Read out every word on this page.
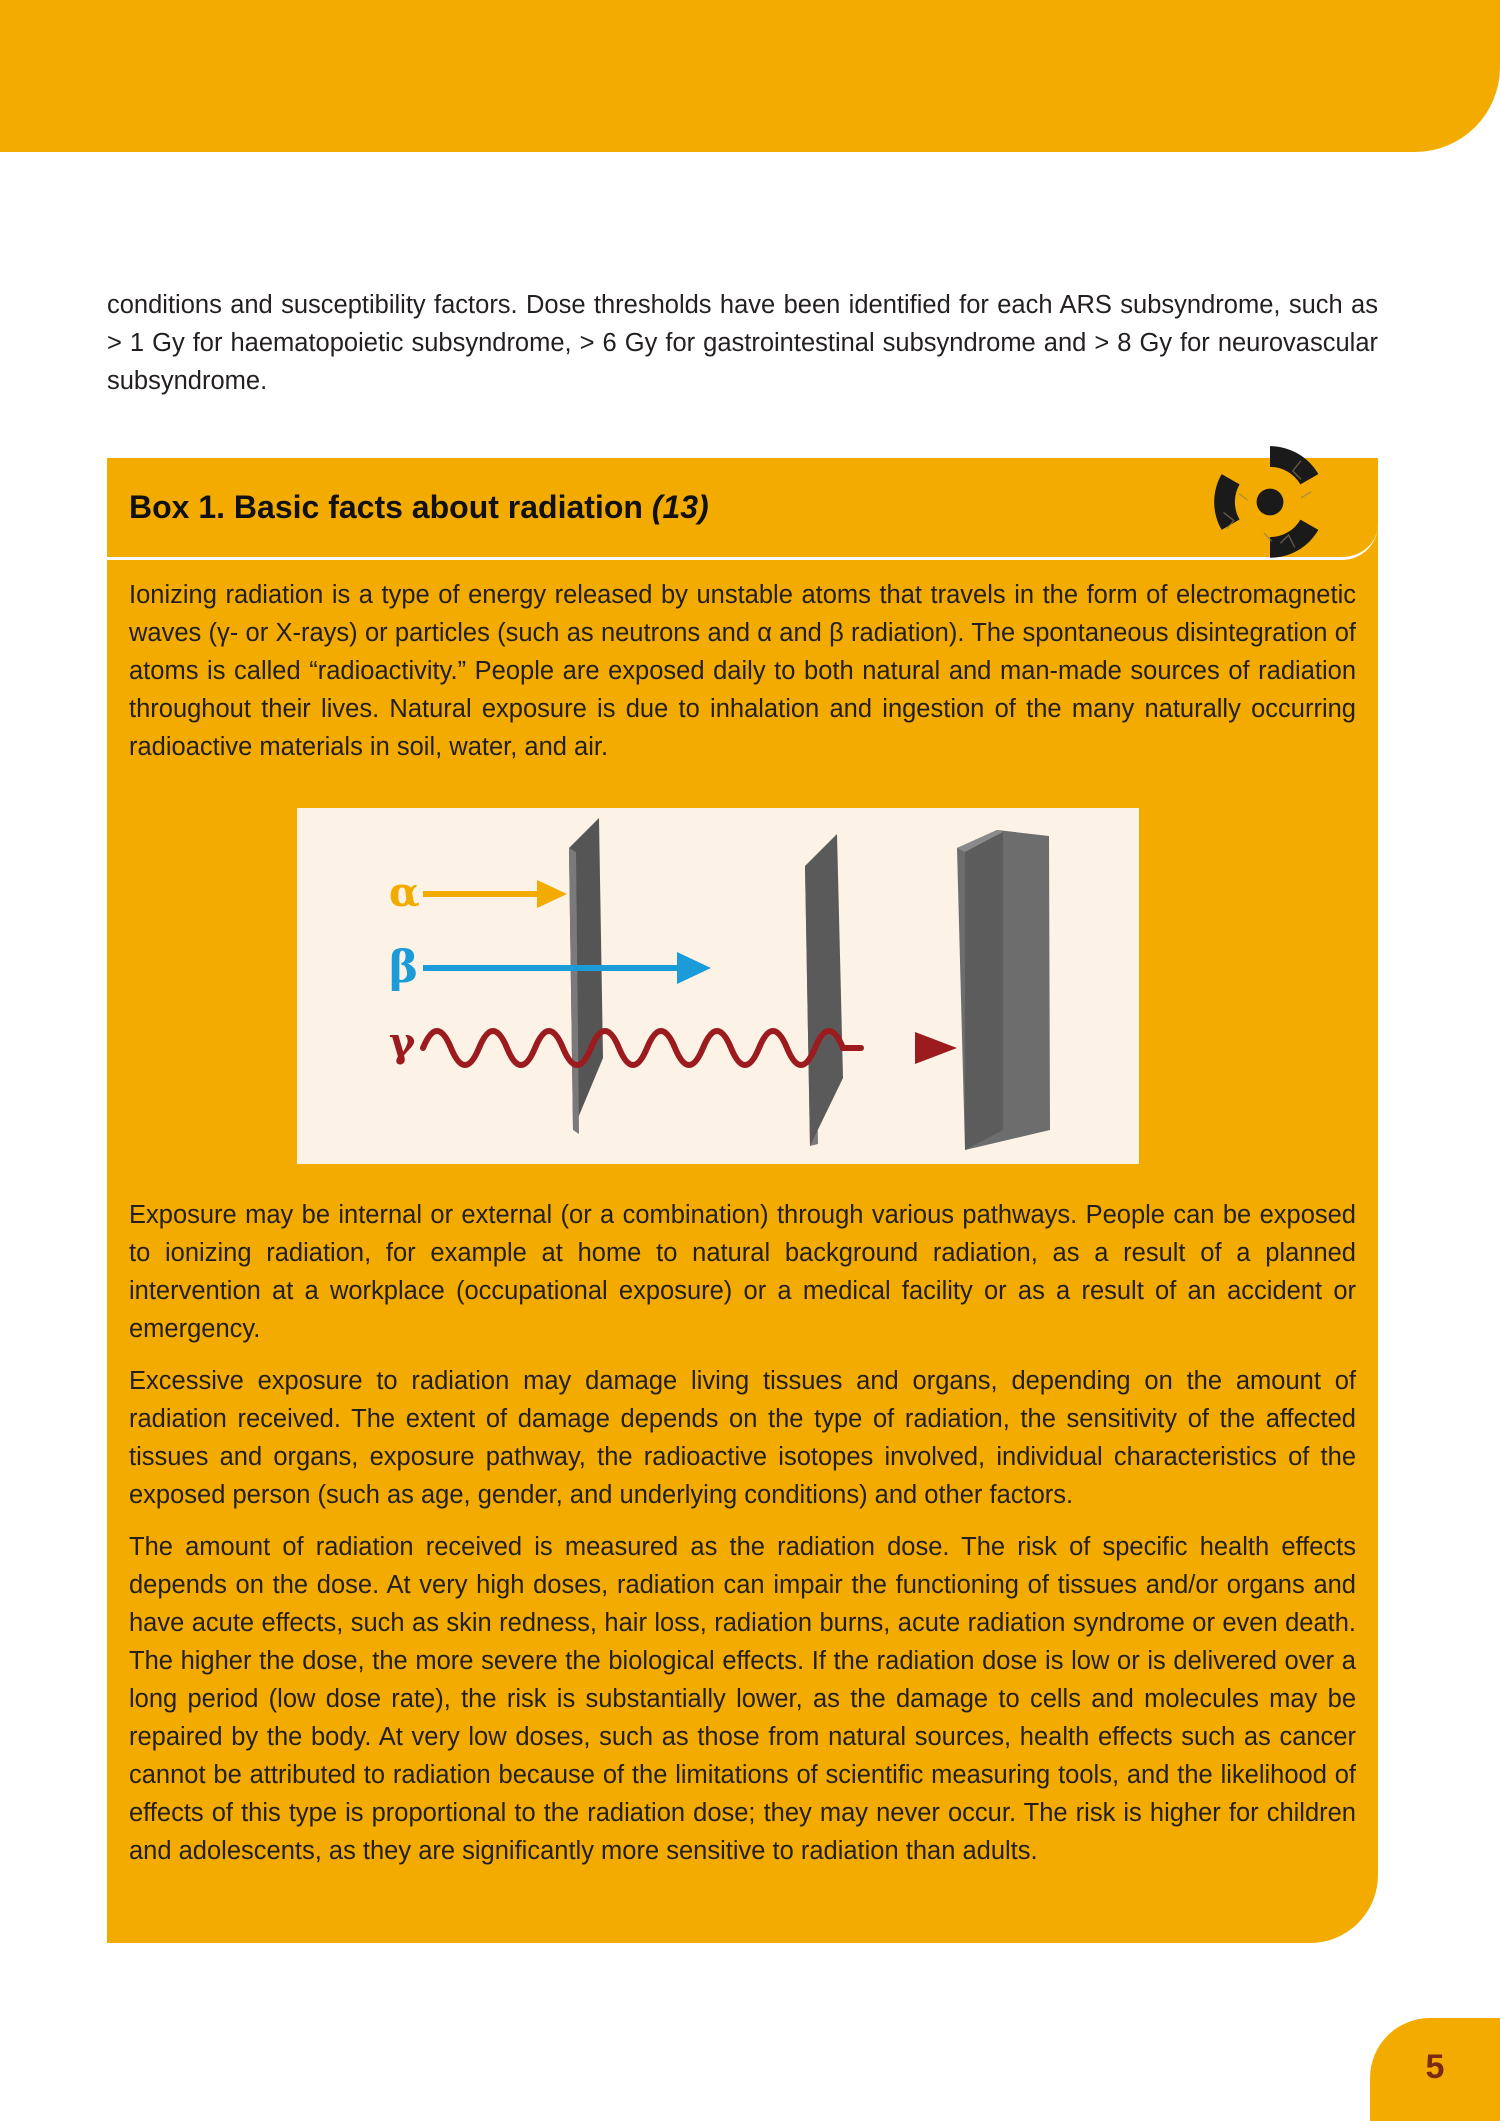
conditions and susceptibility factors. Dose thresholds have been identified for each ARS subsyndrome, such as > 1 Gy for haematopoietic subsyndrome, > 6 Gy for gastrointestinal subsyndrome and > 8 Gy for neurovascular subsyndrome.

Box 1. Basic facts about radiation (13)

Ionizing radiation is a type of energy released by unstable atoms that travels in the form of electromagnetic waves (γ- or X-rays) or particles (such as neutrons and α and β radiation). The spontaneous disintegration of atoms is called “radioactivity.” People are exposed daily to both natural and man-made sources of radiation throughout their lives. Natural exposure is due to inhalation and ingestion of the many naturally occurring radioactive materials in soil, water, and air.

α
β
γ

Exposure may be internal or external (or a combination) through various pathways. People can be exposed to ionizing radiation, for example at home to natural background radiation, as a result of a planned intervention at a workplace (occupational exposure) or a medical facility or as a result of an accident or emergency.

Excessive exposure to radiation may damage living tissues and organs, depending on the amount of radiation received. The extent of damage depends on the type of radiation, the sensitivity of the affected tissues and organs, exposure pathway, the radioactive isotopes involved, individual characteristics of the exposed person (such as age, gender, and underlying conditions) and other factors.

The amount of radiation received is measured as the radiation dose. The risk of specific health effects depends on the dose. At very high doses, radiation can impair the functioning of tissues and/or organs and have acute effects, such as skin redness, hair loss, radiation burns, acute radiation syndrome or even death. The higher the dose, the more severe the biological effects. If the radiation dose is low or is delivered over a long period (low dose rate), the risk is substantially lower, as the damage to cells and molecules may be repaired by the body. At very low doses, such as those from natural sources, health effects such as cancer cannot be attributed to radiation because of the limitations of scientific measuring tools, and the likelihood of effects of this type is proportional to the radiation dose; they may never occur. The risk is higher for children and adolescents, as they are significantly more sensitive to radiation than adults.

5
